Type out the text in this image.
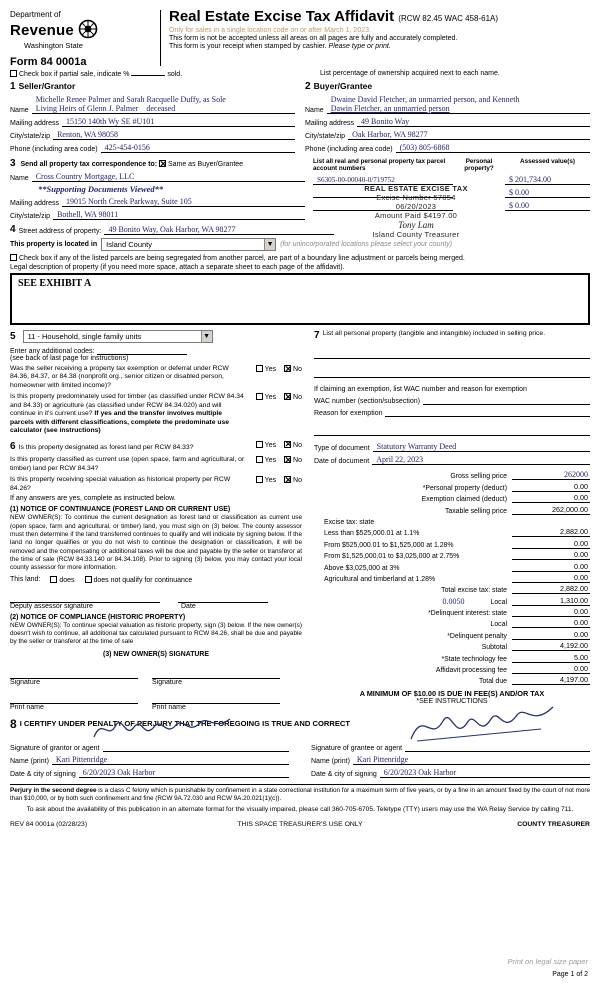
Department of
Revenue
Washington State
Form 84 0001a
Real Estate Excise Tax Affidavit (RCW 82.45 WAC 458-61A)
Only for sales in a single location code on or after March 1, 2023.
This form is not be accepted unless all areas on all pages are fully and accurately completed.
This form is your receipt when stamped by cashier. Please type or print.
Check box if partial sale, indicate %	sold.	List percentage of ownership acquired next to each name.
1 Seller/Grantor
Name
Michelle Renee Palmer and Sarah Racquelle Duffy, as Sole
Living Heirs of Glenn J. Palmer deceased
Mailing address 15150 140th Wy SE #U101
City/state/zip Renton, WA 98058
Phone (including area code) 425-454-0156
2 Buyer/Grantee
Name
Dwaine David Fletcher, an unmarried person, and Kenneth
Dawin Fletcher, an unmarried person
Mailing address 49 Bonito Way
City/state/zip Oak Harbor, WA 98277
Phone (including area code) (503) 805-6868
3 Send all property tax correspondence to: ✕ Same as Buyer/Grantee
Name Cross Country Mortgage, LLC
**Supporting Documents Viewed**
Mailing address 19015 North Creek Parkway, Suite 105
City/state/zip Bothell, WA 98011
List all real and personal property tax parcel account numbers
Personal property?
Assessed value(s)
S6305-00-00040-0/719752	$ 201,734.00
$ 0.00
$ 0.00
REAL ESTATE EXCISE TAX
Excise Number 57054
06/20/2023
Amount Paid $4197.00
Tony Lam
Island County Treasurer
4 Street address of property: 49 Bonito Way, Oak Harbor, WA 98277
This property is located in	Island County	▼ (for unincorporated locations please select your county)
Check box if any of the listed parcels are being segregated from another parcel, are part of a boundary line adjustment or parcels being merged.
Legal description of property (if you need more space, attach a separate sheet to each page of the affidavit).
SEE EXHIBIT A
5	11 - Household, single family units	▼
Enter any additional codes:
(see back of last page for instructions)
Was the seller receiving a property tax exemption or deferral under RCW 84.36, 84.37, or 84.38 (nonprofit org., senior citizen or disabled person, homeowner with limited income)?
Yes ✕ No
Is this property predominately used for timber (as classified under RCW 84.34 and 84.33) or agriculture (as classified under RCW 84.34.020) and will continue in it's current use? If yes and the transfer involves multiple parcels with different classifications, complete the predominate use calculator (see instructions)
Yes ✕ No
6 Is this property designated as forest land per RCW 84.33?	Yes ✕ No
Is this property classified as current use (open space, farm and agricultural, or timber) land per RCW 84.34?
Yes ✕ No
Is this property receiving special valuation as historical property per RCW 84.26?
Yes ✕ No
If any answers are yes, complete as instructed below.
(1) NOTICE OF CONTINUANCE (FOREST LAND OR CURRENT USE)
NEW OWNER(S): To continue the current designation as forest land or classification as current use (open space, farm and agricultural, or timber) land, you must sign on (3) below. The county assessor must then determine if the land transferred continues to qualify and will indicate by signing below. If the land no longer qualifies or you do not wish to continue the designation or classification, it will be removed and the compensating or additional taxes will be due and payable by the seller or transferor at the time of sale (RCW 84.33.140 or 84.34.108). Prior to signing (3) below, you may contact your local county assessor for more information.
This land:	does	does not qualify for continuance
Deputy assessor signature	Date
(2) NOTICE OF COMPLIANCE (HISTORIC PROPERTY)
NEW OWNER(S): To continue special valuation as historic property, sign (3) below. If the new owner(s) doesn't wish to continue, all additional tax calculated pursuant to RCW 84.26, shall be due and payable by the seller or transferor at the time of sale
(3) NEW OWNER(S) SIGNATURE
Signature	Signature
Print name	Print name
7 List all personal property (tangible and intangible) included in selling price.
If claiming an exemption, list WAC number and reason for exemption
WAC number (section/subsection)
Reason for exemption
Type of document Statutory Warranty Deed
Date of document April 22, 2023
Gross selling price	262000
*Personal property (deduct)	0.00
Exemption claimed (deduct)	0.00
Taxable selling price	262,000.00
Excise tax: state
Less than $525,000.01 at 1.1%	2,882.00
From $525,000.01 to $1,525,000 at 1.28%	0.00
From $1,525,000.01 to $3,025,000 at 2.75%	0.00
Above $3,025,000 at 3%	0.00
Agricultural and timberland at 1.28%	0.00
Total excise tax: state	2,882.00
0.0050	Local	1,310.00
*Delinquent interest: state	0.00
Local	0.00
*Delinquent penalty	0.00
Subtotal	4,192.00
*State technology fee	5.00
Affidavit processing fee	0.00
Total due	4,197.00
A MINIMUM OF $10.00 IS DUE IN FEE(S) AND/OR TAX
*SEE INSTRUCTIONS
8 I CERTIFY UNDER PENALTY OF PERJURY THAT THE FOREGOING IS TRUE AND CORRECT
Signature of grantor or agent
Name (print) Kari Pittenridge
Date & city of signing 6/20/2023 Oak Harbor
Signature of grantee or agent
Name (print) Kari Pittenridge
Date & city of signing 6/20/2023 Oak Harbor
Perjury in the second degree is a class C felony which is punishable by confinement in a state correctional institution for a maximum term of five years, or by a fine in an amount fixed by the court of not more than $10,000, or by both such confinement and fine (RCW 9A.72.030 and RCW 9A.20.021(1)(c)).
To ask about the availability of this publication in an alternate format for the visually impaired, please call 360-705-6705. Teletype (TTY) users may use the WA Relay Service by calling 711.
REV 84 0001a (02/28/23)	THIS SPACE TREASURER'S USE ONLY	COUNTY TREASURER
Print on legal size paper
Page 1 of 2
